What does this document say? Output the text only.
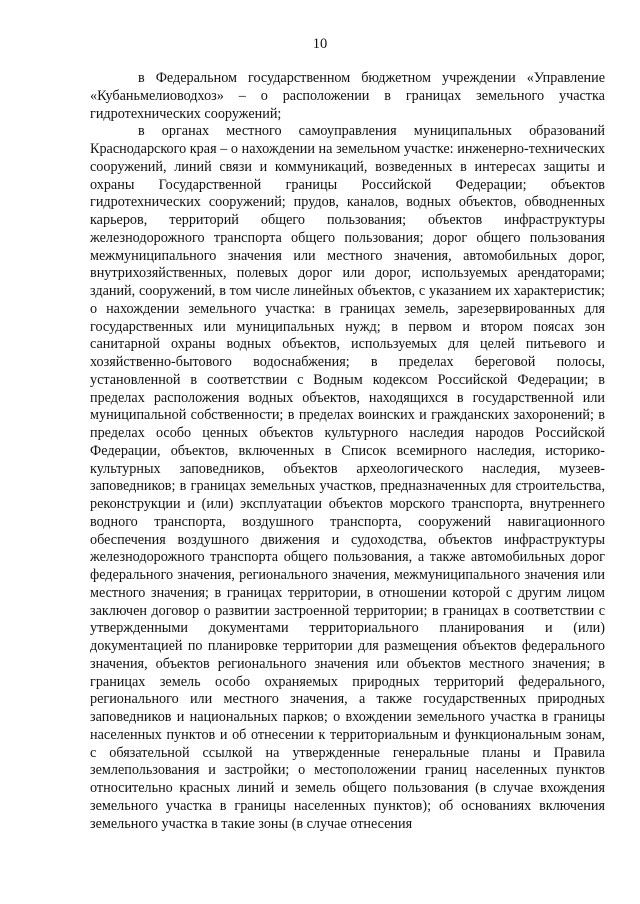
10

в Федеральном государственном бюджетном учреждении «Управление «Кубаньмелиоводхоз» – о расположении в границах земельного участка гидротехнических сооружений;

в органах местного самоуправления муниципальных образований Краснодарского края – о нахождении на земельном участке: инженерно-технических сооружений, линий связи и коммуникаций, возведенных в интересах защиты и охраны Государственной границы Российской Федерации; объектов гидротехнических сооружений; прудов, каналов, водных объектов, обводненных карьеров, территорий общего пользования; объектов инфраструктуры железнодорожного транспорта общего пользования; дорог общего пользования межмуниципального значения или местного значения, автомобильных дорог, внутрихозяйственных, полевых дорог или дорог, используемых арендаторами; зданий, сооружений, в том числе линейных объектов, с указанием их характеристик; о нахождении земельного участка: в границах земель, зарезервированных для государственных или муниципальных нужд; в первом и втором поясах зон санитарной охраны водных объектов, используемых для целей питьевого и хозяйственно-бытового водоснабжения; в пределах береговой полосы, установленной в соответствии с Водным кодексом Российской Федерации; в пределах расположения водных объектов, находящихся в государственной или муниципальной собственности; в пределах воинских и гражданских захоронений; в пределах особо ценных объектов культурного наследия народов Российской Федерации, объектов, включенных в Список всемирного наследия, историко-культурных заповедников, объектов археологического наследия, музеев-заповедников; в границах земельных участков, предназначенных для строительства, реконструкции и (или) эксплуатации объектов морского транспорта, внутреннего водного транспорта, воздушного транспорта, сооружений навигационного обеспечения воздушного движения и судоходства, объектов инфраструктуры железнодорожного транспорта общего пользования, а также автомобильных дорог федерального значения, регионального значения, межмуниципального значения или местного значения; в границах территории, в отношении которой с другим лицом заключен договор о развитии застроенной территории; в границах в соответствии с утвержденными документами территориального планирования и (или) документацией по планировке территории для размещения объектов федерального значения, объектов регионального значения или объектов местного значения; в границах земель особо охраняемых природных территорий федерального, регионального или местного значения, а также государственных природных заповедников и национальных парков; о вхождении земельного участка в границы населенных пунктов и об отнесении к территориальным и функциональным зонам, с обязательной ссылкой на утвержденные генеральные планы и Правила землепользования и застройки; о местоположении границ населенных пунктов относительно красных линий и земель общего пользования (в случае вхождения земельного участка в границы населенных пунктов); об основаниях включения земельного участка в такие зоны (в случае отнесения
